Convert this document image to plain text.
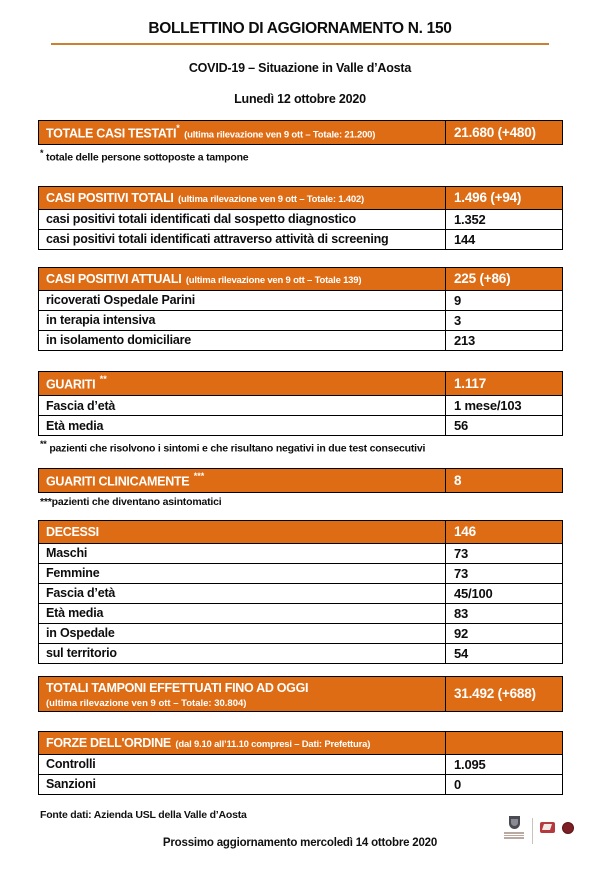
BOLLETTINO DI AGGIORNAMENTO N. 150
COVID-19 – Situazione in Valle d’Aosta
Lunedì 12 ottobre 2020
TOTALE CASI TESTATI* (ultima rilevazione ven 9 ott – Totale: 21.200)	21.680 (+480)
* totale delle persone sottoposte a tampone
CASI POSITIVI TOTALI (ultima rilevazione ven 9 ott – Totale: 1.402)	1.496 (+94)
casi positivi totali identificati dal sospetto diagnostico	1.352
casi positivi totali identificati attraverso attività di screening	144
CASI POSITIVI ATTUALI (ultima rilevazione ven 9 ott – Totale 139)	225 (+86)
ricoverati Ospedale Parini	9
in terapia intensiva	3
in isolamento domiciliare	213
GUARITI **	1.117
Fascia d’età	1 mese/103
Età media	56
** pazienti che risolvono i sintomi e che risultano negativi in due test consecutivi
GUARITI CLINICAMENTE ***	8
***pazienti che diventano asintomatici
DECESSI	146
Maschi	73
Femmine	73
Fascia d’età	45/100
Età media	83
in Ospedale	92
sul territorio	54
TOTALI TAMPONI EFFETTUATI FINO AD OGGI
(ultima rilevazione ven 9 ott – Totale: 30.804)
	31.492 (+688)
FORZE DELL'ORDINE (dal 9.10 all’11.10 compresi – Dati: Prefettura)	
Controlli	1.095
Sanzioni	0
Fonte dati: Azienda USL della Valle d’Aosta
Prossimo aggiornamento mercoledì 14 ottobre 2020
